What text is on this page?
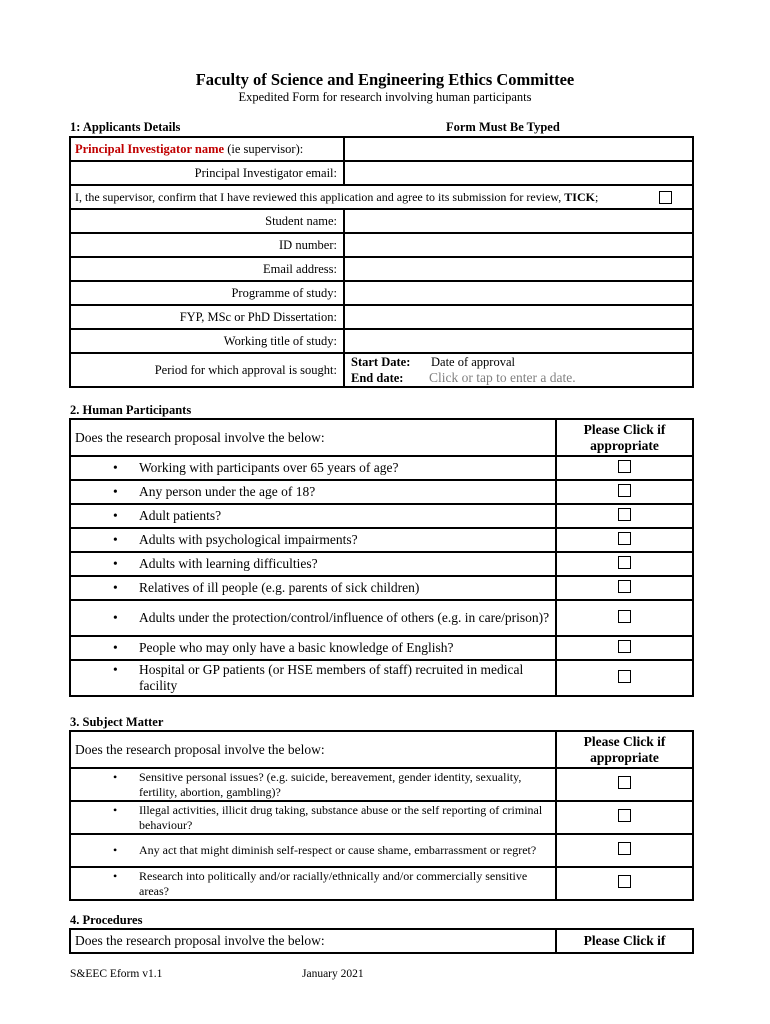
Faculty of Science and Engineering Ethics Committee
Expedited Form for research involving human participants
1: Applicants Details	Form Must Be Typed
Principal Investigator name (ie supervisor):	
Principal Investigator email:	
I, the supervisor, confirm that I have reviewed this application and agree to its submission for review, TICK;	

Student name:	
ID number:	
Email address:	
Programme of study:	
FYP, MSc or PhD Dissertation:	
Working title of study:	
Period for which approval is sought:	Start Date: Date of approval
End date: Click or tap to enter a date.
2. Human Participants
Does the research proposal involve the below:	Please Click if appropriate

• Working with participants over 65 years of age?

• Any person under the age of 18?

• Adult patients?

• Adults with psychological impairments?

• Adults with learning difficulties?

• Relatives of ill people (e.g. parents of sick children)

• Adults under the protection/control/influence of others (e.g. in care/prison)?

• People who may only have a basic knowledge of English?

• Hospital or GP patients (or HSE members of staff) recruited in medical facility

3. Subject Matter
Does the research proposal involve the below:	Please Click if appropriate

• Sensitive personal issues? (e.g. suicide, bereavement, gender identity, sexuality, fertility, abortion, gambling)?

• Illegal activities, illicit drug taking, substance abuse or the self reporting of criminal behaviour?

• Any act that might diminish self-respect or cause shame, embarrassment or regret?

• Research into politically and/or racially/ethnically and/or commercially sensitive areas?

4. Procedures
Does the research proposal involve the below:	Please Click if
S&EEC Eform v1.1	January 2021
